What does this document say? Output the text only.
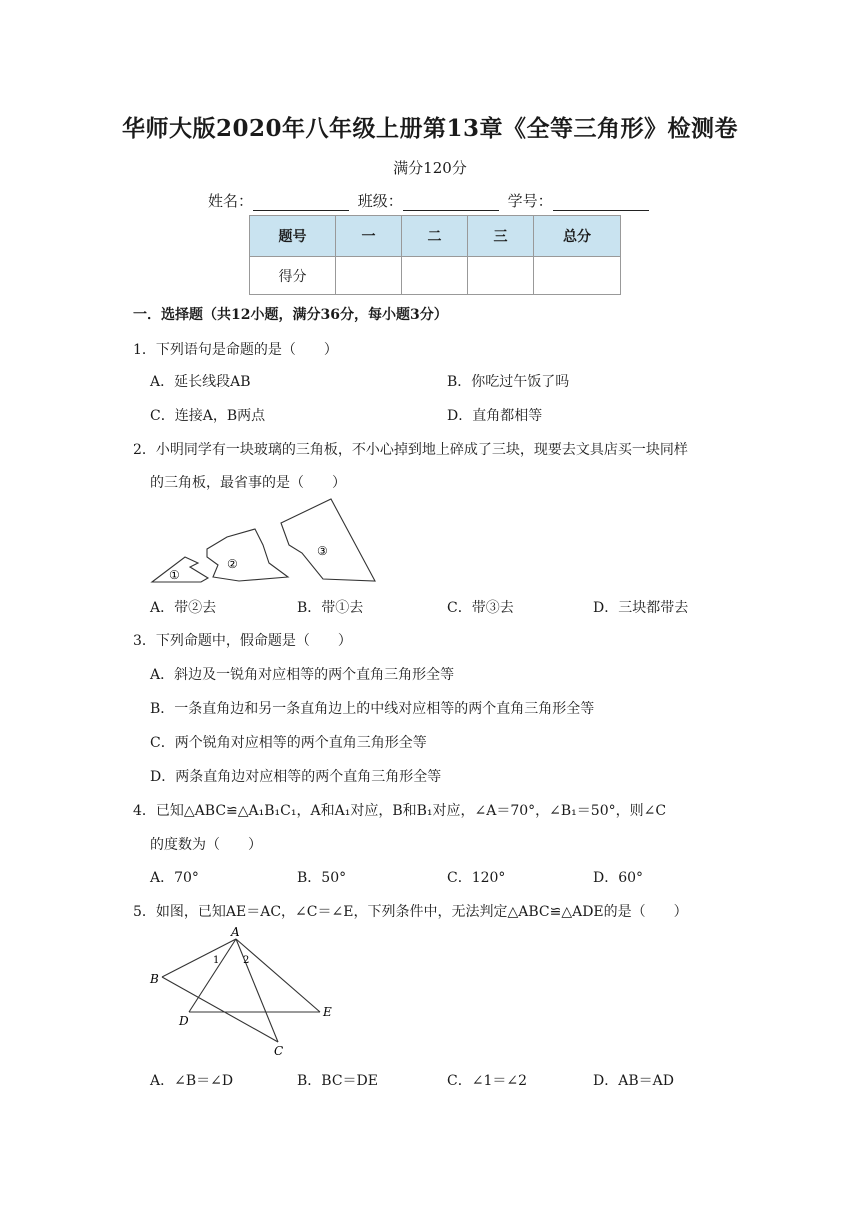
华师大版2020年八年级上册第13章《全等三角形》检测卷
满分120分
姓名：	班级：	学号：
题号	一	二	三	总分
得分				
一．选择题（共12小题，满分36分，每小题3分）
1．下列语句是命题的是（　　）
A．延长线段AB	B．你吃过午饭了吗
C．连接A，B两点	D．直角都相等
2．小明同学有一块玻璃的三角板，不小心掉到地上碎成了三块，现要去文具店买一块同样
的三角板，最省事的是（　　）
①
②
③
A．带②去	B．带①去	C．带③去	D．三块都带去
3．下列命题中，假命题是（　　）
A．斜边及一锐角对应相等的两个直角三角形全等
B．一条直角边和另一条直角边上的中线对应相等的两个直角三角形全等
C．两个锐角对应相等的两个直角三角形全等
D．两条直角边对应相等的两个直角三角形全等
4．已知△ABC≌△A₁B₁C₁，A和A₁对应，B和B₁对应，∠A＝70°，∠B₁＝50°，则∠C
的度数为（　　）
A．70°	B．50°	C．120°	D．60°
5．如图，已知AE＝AC，∠C＝∠E，下列条件中，无法判定△ABC≌△ADE的是（　　）
A
B
D
E
C
1 2
A．∠B＝∠D	B．BC＝DE	C．∠1＝∠2	D．AB＝AD
